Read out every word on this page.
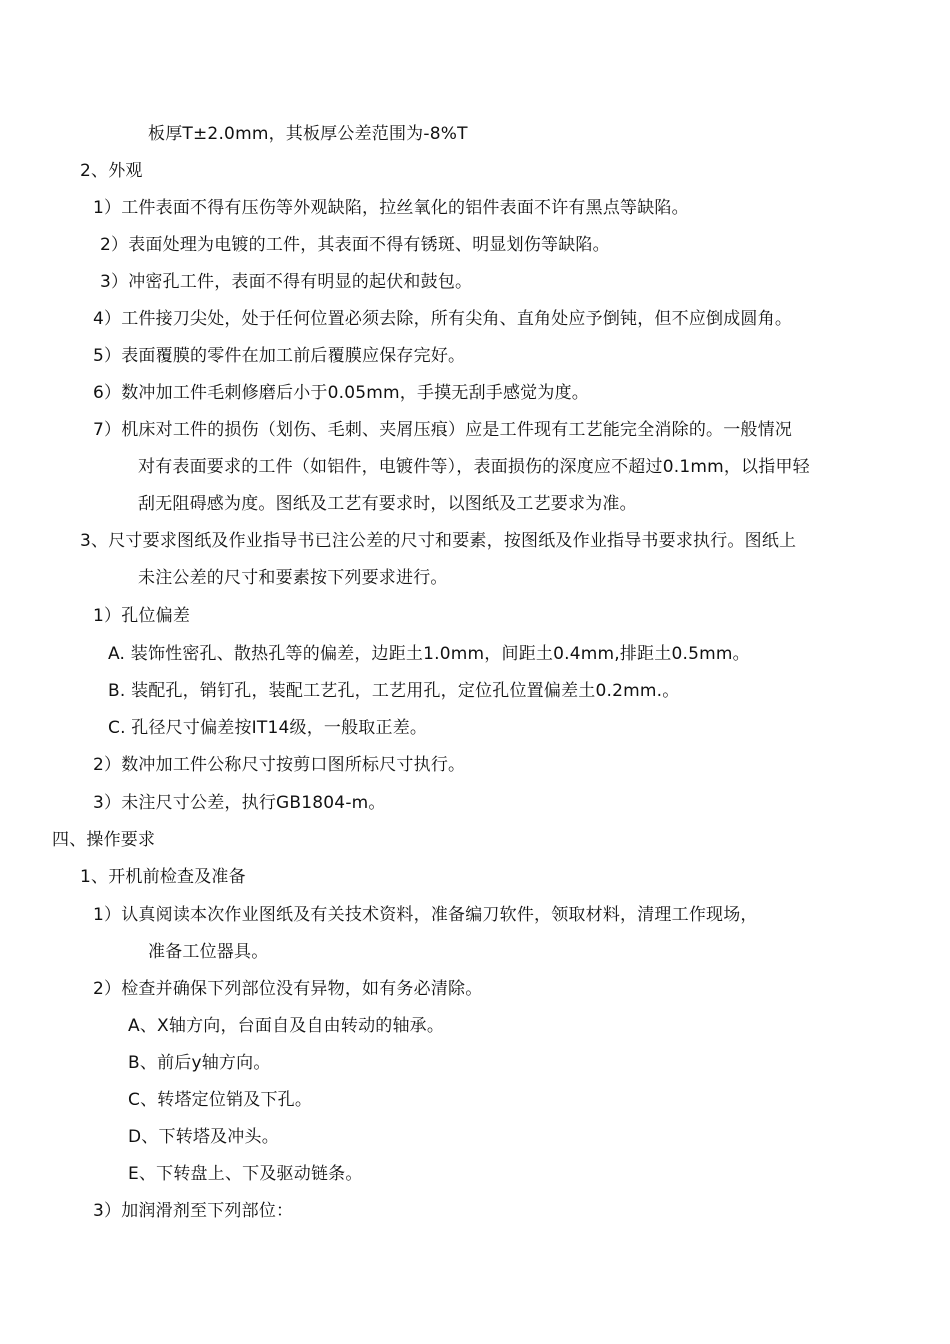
板厚T±2.0mm，其板厚公差范围为-8%T
2、外观
1）工件表面不得有压伤等外观缺陷，拉丝氧化的铝件表面不许有黑点等缺陷。
2）表面处理为电镀的工件，其表面不得有锈斑、明显划伤等缺陷。
3）冲密孔工件，表面不得有明显的起伏和鼓包。
4）工件接刀尖处，处于任何位置必须去除，所有尖角、直角处应予倒钝，但不应倒成圆角。
5）表面覆膜的零件在加工前后覆膜应保存完好。
6）数冲加工件毛刺修磨后小于0.05mm，手摸无刮手感觉为度。
7）机床对工件的损伤（划伤、毛刺、夹屑压痕）应是工件现有工艺能完全消除的。一般情况
对有表面要求的工件（如铝件，电镀件等），表面损伤的深度应不超过0.1mm，以指甲轻
刮无阻碍感为度。图纸及工艺有要求时，以图纸及工艺要求为准。
3、尺寸要求图纸及作业指导书已注公差的尺寸和要素，按图纸及作业指导书要求执行。图纸上
未注公差的尺寸和要素按下列要求进行。
1）孔位偏差
A. 装饰性密孔、散热孔等的偏差，边距土1.0mm，间距土0.4mm,排距土0.5mm。
B. 装配孔，销钉孔，装配工艺孔，工艺用孔，定位孔位置偏差土0.2mm.。
C. 孔径尺寸偏差按IT14级，一般取正差。
2）数冲加工件公称尺寸按剪口图所标尺寸执行。
3）未注尺寸公差，执行GB1804-m。
四、操作要求
1、开机前检查及准备
1）认真阅读本次作业图纸及有关技术资料，准备编刀软件，领取材料，清理工作现场，
准备工位器具。
2）检查并确保下列部位没有异物，如有务必清除。
A、X轴方向，台面自及自由转动的轴承。
B、前后y轴方向。
C、转塔定位销及下孔。
D、下转塔及冲头。
E、下转盘上、下及驱动链条。
3）加润滑剂至下列部位：
